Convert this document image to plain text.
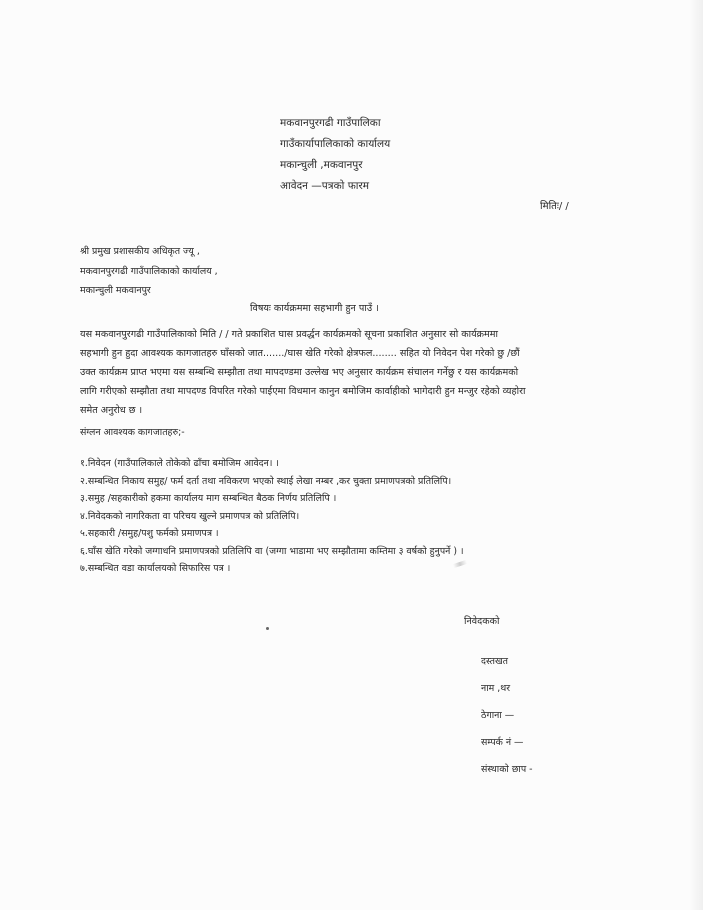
मकवानपुरगढी गाउँपालिका
गाउँकार्यापालिकाको कार्यालय
मकान्चुली ,मकवानपुर
आवेदन —पत्रको फारम
मितिः/ /
श्री प्रमुख प्रशासकीय अधिकृत ज्यू ,
मकवानपुरगढी गाउँपालिकाको कार्यालय ,
मकान्चुली मकवानपुर
विषयः कार्यक्रममा सहभागी हुन पाउँ ।
यस मकवानपुरगढी गाउँपालिकाको मिति / / गते प्रकाशित घास प्रवर्द्धन कार्यक्रमको सूचना प्रकाशित अनुसार सो कार्यक्रममा
सहभागी हुन हुदा आवश्यक कागजातहरु घाँसको जात......./घास खेति गरेको क्षेत्रफल........ सहित यो निवेदन पेश गरेको छु /छौं
उक्त कार्यक्रम प्राप्त भएमा यस सम्बन्धि सम्झौता तथा मापदण्डमा उल्लेख भए अनुसार कार्यक्रम संचालन गर्नेछु र यस कार्यक्रमको
लागि गरीएको सम्झौता तथा मापदण्ड विपरित गरेको पाईएमा विधमान कानुन बमोजिम कार्वाहीको भागेदारी हुन मन्जुर रहेको व्यहोरा
समेत अनुरोध छ ।
संग्लन आवश्यक कागजातहरु;-
१.निवेदन (गाउँपालिकाले तोकेको ढाँचा बमोजिम आवेदन। ।
२.सम्बन्धित निकाय समुह/ फर्म दर्ता तथा नविकरण भएको स्थाई लेखा नम्बर ,कर चुक्ता प्रमाणपत्रको प्रतिलिपि।
३.समुह /सहकारीको हकमा कार्यालय माग सम्बन्धित बैठक निर्णय प्रतिलिपि ।
४.निवेदकको नागरिकता वा परिचय खुल्ने प्रमाणपत्र को प्रतिलिपि।
५.सहकारी /समुह/पशु फर्मको प्रमाणपत्र ।
६.घाँस खेति गरेको जग्गाधनि प्रमाणपत्रको प्रतिलिपि वा (जग्गा भाडामा भए सम्झौतामा कम्तिमा ३ वर्षको हुनुपर्ने ) ।
७.सम्बन्धित वडा कार्यालयको सिफारिस पत्र ।
निवेदकको
दस्तखत
नाम ,थर
ठेगाना —
सम्पर्क नं —
संस्थाको छाप -
